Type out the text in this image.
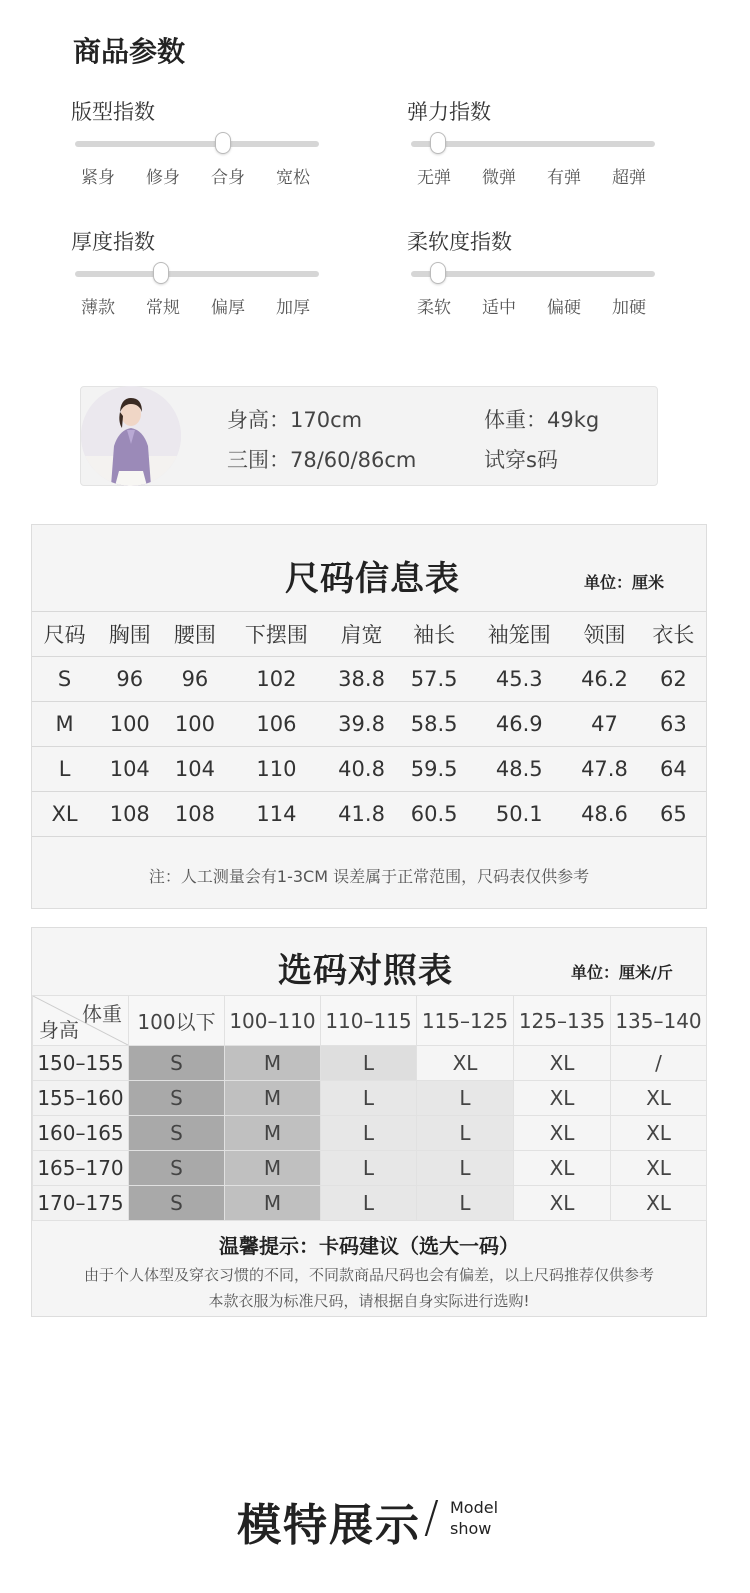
商品参数
版型指数
紧身 修身 合身 宽松
弹力指数
无弹 微弹 有弹 超弹
厚度指数
薄款 常规 偏厚 加厚
柔软度指数
柔软 适中 偏硬 加硬
身高：170cm	体重：49kg
三围：78/60/86cm	试穿s码
尺码信息表	单位：厘米
尺码	胸围	腰围	下摆围	肩宽	袖长	袖笼围	领围	衣长
S	96	96	102	38.8	57.5	45.3	46.2	62
M	100	100	106	39.8	58.5	46.9	47	63
L	104	104	110	40.8	59.5	48.5	47.8	64
XL	108	108	114	41.8	60.5	50.1	48.6	65
注：人工测量会有1-3CM 误差属于正常范围，尺码表仅供参考
选码对照表	单位：厘米/斤
体重
身高	100以下	100–110	110–115	115–125	125–135	135–140
150–155	S	M	L	XL	XL	/
155–160	S	M	L	L	XL	XL
160–165	S	M	L	L	XL	XL
165–170	S	M	L	L	XL	XL
170–175	S	M	L	L	XL	XL
温馨提示：卡码建议（选大一码）
由于个人体型及穿衣习惯的不同，不同款商品尺码也会有偏差，以上尺码推荐仅供参考
本款衣服为标准尺码，请根据自身实际进行选购!
模特展示 / Model
show
